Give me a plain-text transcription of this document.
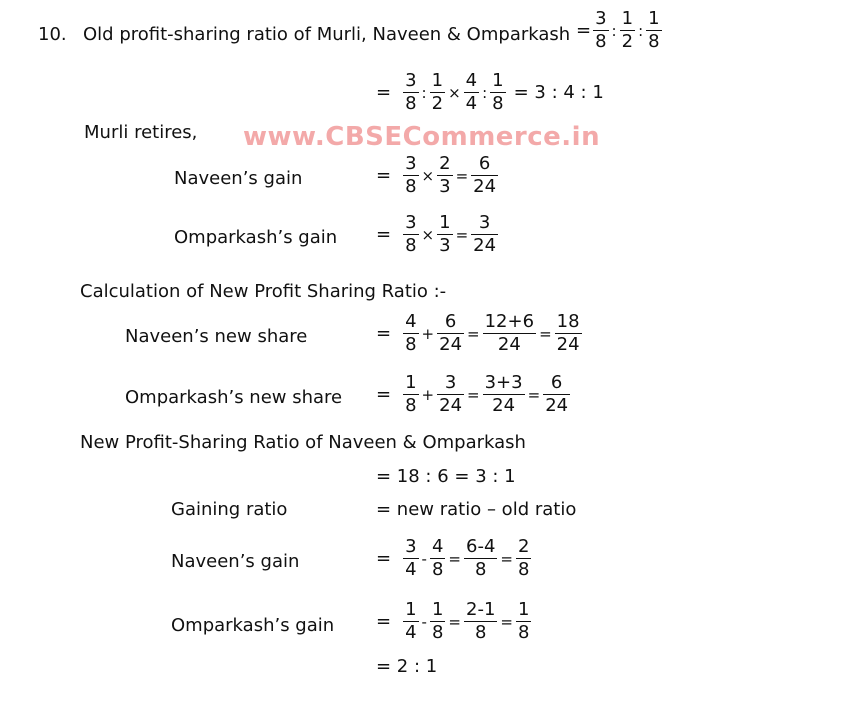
www.CBSECommerce.in
10. Old profit-sharing ratio of Murli, Naveen & Omparkash = $\frac{3}{8}$ :
1
2
:
1
8
= $\frac{3}{8}$ : $\frac{1}{2} \times \frac{4}{4}$ : $\frac{1}{8} = 3$ : 4 : 1
Murli retires,
Naveen’s gain	= $\frac{3}{8} \times \frac{2}{3} = \frac{6}{24}$
Omparkash’s gain = $\frac{3}{8} \times \frac{1}{3} = \frac{3}{24}$
Calculation of New Profit Sharing Ratio :-
Naveen’s new share	= $\frac{4}{8} + \frac{6}{24} = \frac{12+6}{24} = \frac{18}{24}$
Omparkash’s new share = $\frac{1}{8} + \frac{3}{24} = \frac{3+3}{24} = \frac{6}{24}$
New Profit-Sharing Ratio of Naveen & Omparkash
= 18 : 6 = 3 : 1
Gaining ratio	= new ratio – old ratio
Naveen’s gain	= $\frac{3}{4} - \frac{4}{8} = \frac{6-4}{8} = \frac{2}{8}$
Omparkash’s gain = $\frac{1}{4} - \frac{1}{8} = \frac{2-1}{8} = \frac{1}{8}$
= 2 : 1
